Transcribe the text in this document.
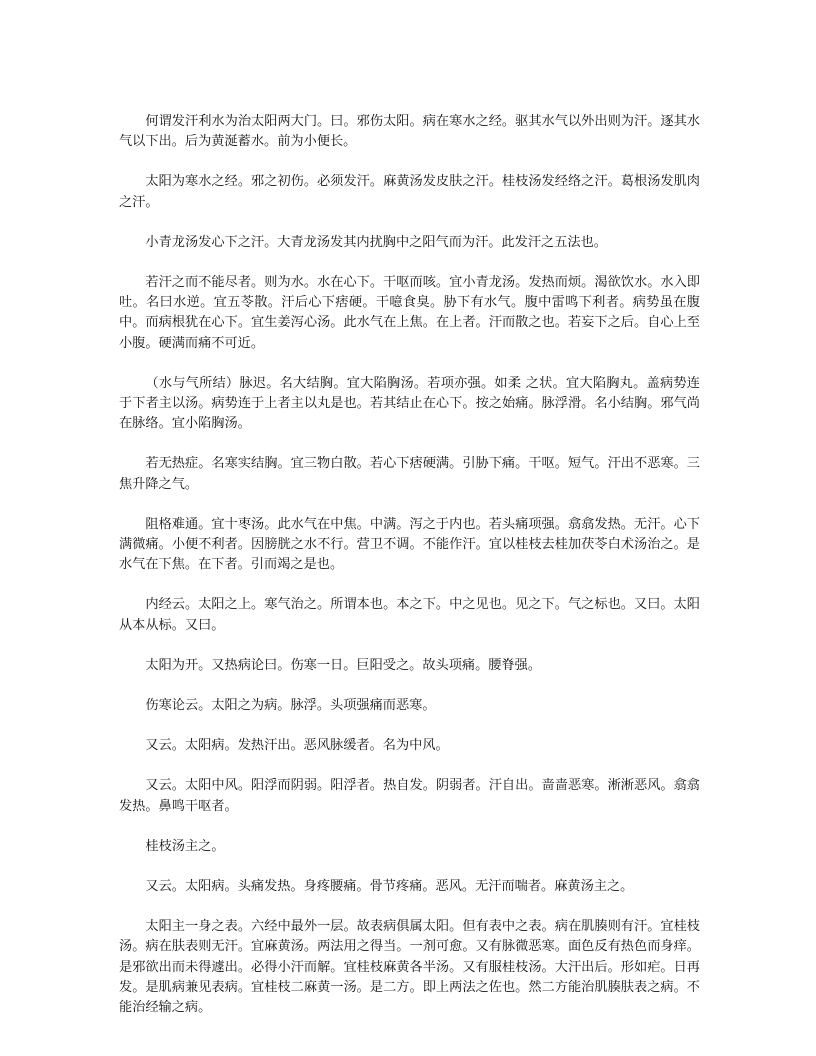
何谓发汗利水为治太阳两大门。曰。邪伤太阳。病在寒水之经。驱其水气以外出则为汗。逐其水气以下出。后为黄涎蓄水。前为小便长。

太阳为寒水之经。邪之初伤。必须发汗。麻黄汤发皮肤之汗。桂枝汤发经络之汗。葛根汤发肌肉之汗。

小青龙汤发心下之汗。大青龙汤发其内扰胸中之阳气而为汗。此发汗之五法也。

若汗之而不能尽者。则为水。水在心下。干呕而咳。宜小青龙汤。发热而烦。渴欲饮水。水入即吐。名曰水逆。宜五苓散。汗后心下痞硬。干噫食臭。胁下有水气。腹中雷鸣下利者。病势虽在腹中。而病根犹在心下。宜生姜泻心汤。此水气在上焦。在上者。汗而散之也。若妄下之后。自心上至小腹。硬满而痛不可近。

（水与气所结）脉迟。名大结胸。宜大陷胸汤。若项亦强。如柔 之状。宜大陷胸丸。盖病势连于下者主以汤。病势连于上者主以丸是也。若其结止在心下。按之始痛。脉浮滑。名小结胸。邪气尚在脉络。宜小陷胸汤。

若无热症。名寒实结胸。宜三物白散。若心下痞硬满。引胁下痛。干呕。短气。汗出不恶寒。三焦升降之气。

阻格难通。宜十枣汤。此水气在中焦。中满。泻之于内也。若头痛项强。翕翕发热。无汗。心下满微痛。小便不利者。因膀胱之水不行。营卫不调。不能作汗。宜以桂枝去桂加茯苓白术汤治之。是水气在下焦。在下者。引而竭之是也。

内经云。太阳之上。寒气治之。所谓本也。本之下。中之见也。见之下。气之标也。又曰。太阳从本从标。又曰。

太阳为开。又热病论曰。伤寒一日。巨阳受之。故头项痛。腰脊强。

伤寒论云。太阳之为病。脉浮。头项强痛而恶寒。

又云。太阳病。发热汗出。恶风脉缓者。名为中风。

又云。太阳中风。阳浮而阴弱。阳浮者。热自发。阴弱者。汗自出。啬啬恶寒。淅淅恶风。翕翕发热。鼻鸣干呕者。

桂枝汤主之。

又云。太阳病。头痛发热。身疼腰痛。骨节疼痛。恶风。无汗而喘者。麻黄汤主之。

太阳主一身之表。六经中最外一层。故表病俱属太阳。但有表中之表。病在肌腠则有汗。宜桂枝汤。病在肤表则无汗。宜麻黄汤。两法用之得当。一剂可愈。又有脉微恶寒。面色反有热色而身痒。是邪欲出而未得遽出。必得小汗而解。宜桂枝麻黄各半汤。又有服桂枝汤。大汗出后。形如疟。日再发。是肌病兼见表病。宜桂枝二麻黄一汤。是二方。即上两法之佐也。然二方能治肌腠肤表之病。不能治经输之病。
